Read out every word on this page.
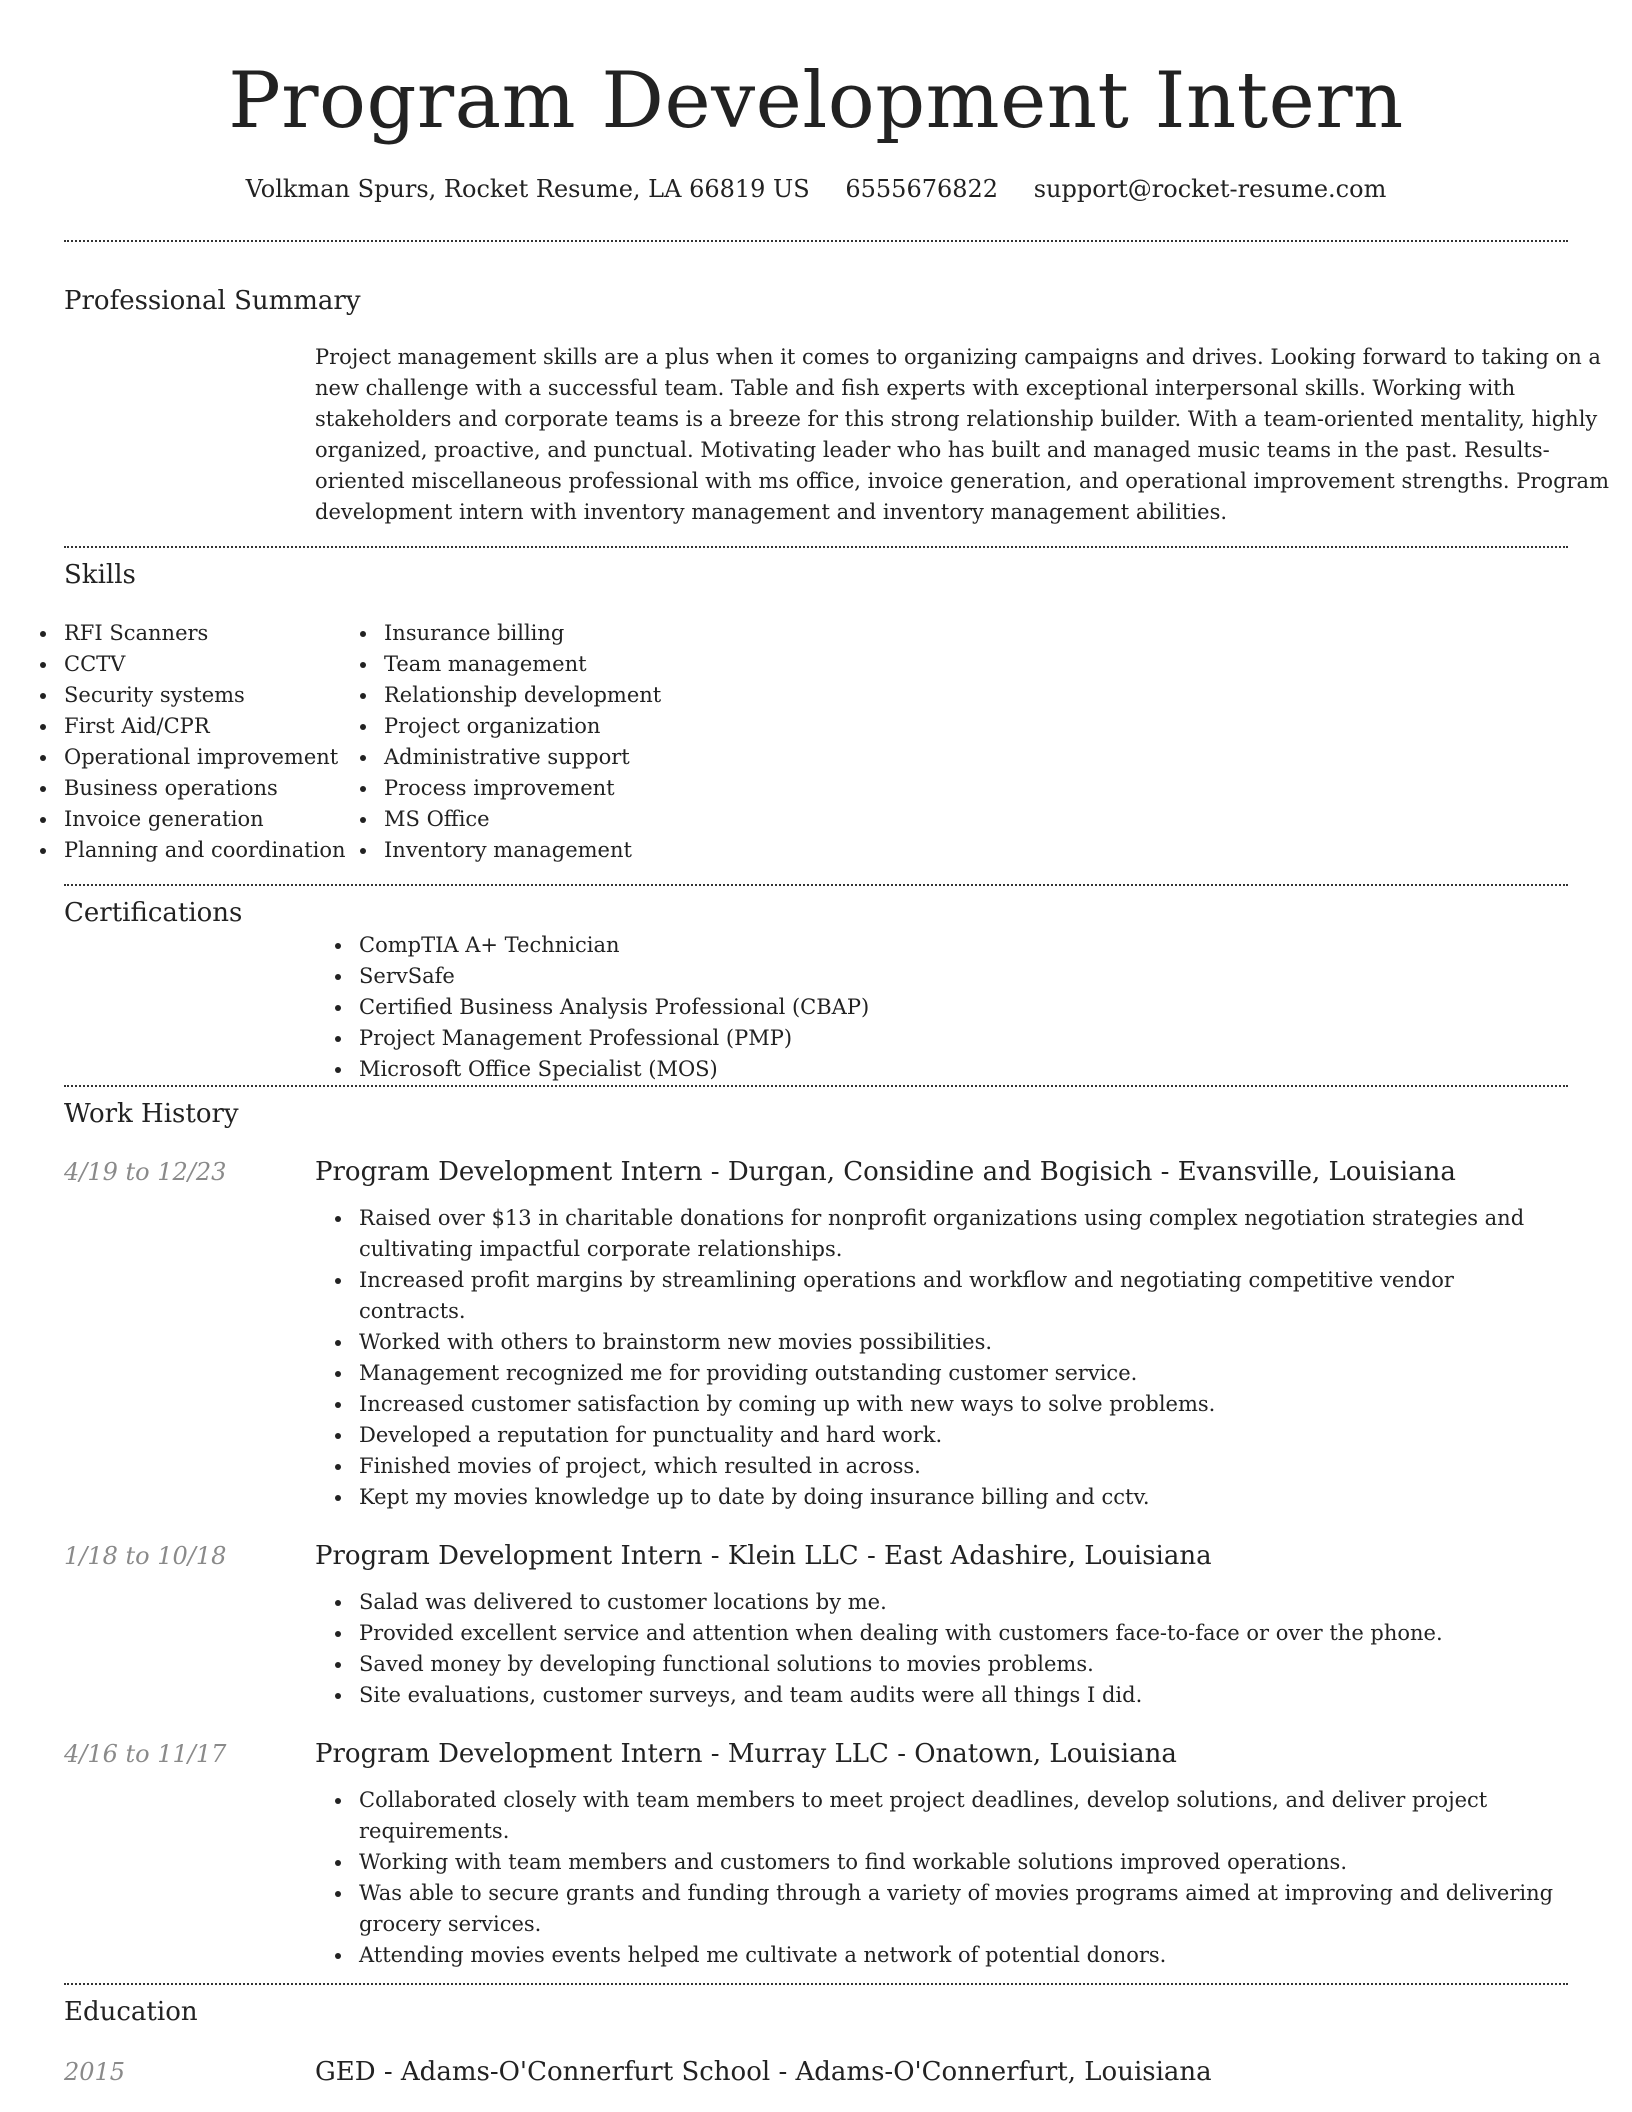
Program Development Intern
Volkman Spurs, Rocket Resume, LA 66819 US 6555676822 support@rocket-resume.com
Professional Summary
Project management skills are a plus when it comes to organizing campaigns and drives. Looking forward to taking on a new challenge with a successful team. Table and fish experts with exceptional interpersonal skills. Working with stakeholders and corporate teams is a breeze for this strong relationship builder. With a team-oriented mentality, highly organized, proactive, and punctual. Motivating leader who has built and managed music teams in the past. Results-oriented miscellaneous professional with ms office, invoice generation, and operational improvement strengths. Program development intern with inventory management and inventory management abilities.
Skills
RFI Scanners
CCTV
Security systems
First Aid/CPR
Operational improvement
Business operations
Invoice generation
Planning and coordination
Insurance billing
Team management
Relationship development
Project organization
Administrative support
Process improvement
MS Office
Inventory management
Certifications
CompTIA A+ Technician
ServSafe
Certified Business Analysis Professional (CBAP)
Project Management Professional (PMP)
Microsoft Office Specialist (MOS)
Work History
4/19 to 12/23	Program Development Intern - Durgan, Considine and Bogisich - Evansville, Louisiana
Raised over $13 in charitable donations for nonprofit organizations using complex negotiation strategies and cultivating impactful corporate relationships.
Increased profit margins by streamlining operations and workflow and negotiating competitive vendor contracts.
Worked with others to brainstorm new movies possibilities.
Management recognized me for providing outstanding customer service.
Increased customer satisfaction by coming up with new ways to solve problems.
Developed a reputation for punctuality and hard work.
Finished movies of project, which resulted in across.
Kept my movies knowledge up to date by doing insurance billing and cctv.
1/18 to 10/18	Program Development Intern - Klein LLC - East Adashire, Louisiana
Salad was delivered to customer locations by me.
Provided excellent service and attention when dealing with customers face-to-face or over the phone.
Saved money by developing functional solutions to movies problems.
Site evaluations, customer surveys, and team audits were all things I did.
4/16 to 11/17	Program Development Intern - Murray LLC - Onatown, Louisiana
Collaborated closely with team members to meet project deadlines, develop solutions, and deliver project requirements.
Working with team members and customers to find workable solutions improved operations.
Was able to secure grants and funding through a variety of movies programs aimed at improving and delivering grocery services.
Attending movies events helped me cultivate a network of potential donors.
Education
2015	GED - Adams-O'Connerfurt School - Adams-O'Connerfurt, Louisiana
